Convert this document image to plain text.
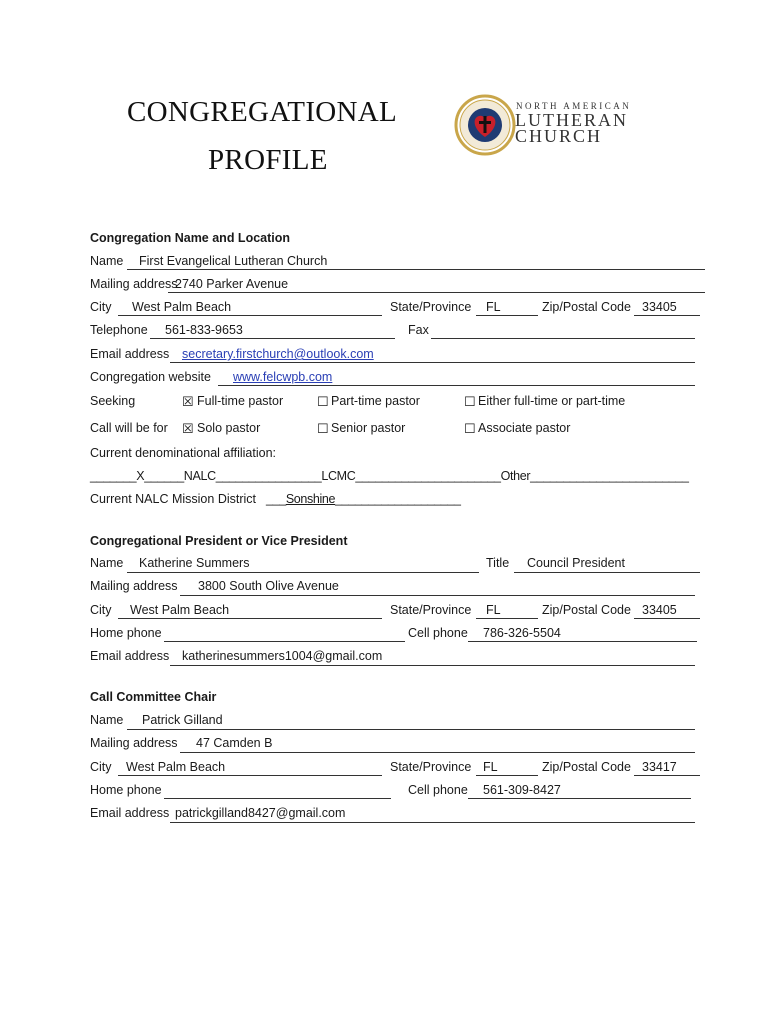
CONGREGATIONAL
PROFILE
NORTH AMERICAN
LUTHERAN
CHURCH
Congregation Name and Location
Name First Evangelical Lutheran Church
Mailing address
2740 Parker Avenue
City West Palm Beach	State/Province FL	Zip/Postal Code 33405
Telephone 561-833-9653	Fax
Email address secretary.firstchurch@outlook.com
Congregation website www.felcwpb.com
Seeking	☒ Full-time pastor	☐ Part-time pastor	☐ Either full-time or part-time
Call will be for ☒ Solo pastor	☐ Senior pastor	☐ Associate pastor
Current denominational affiliation:
_______X______NALC________________LCMC______________________Other________________________
Current NALC Mission District ___Sonshine___________________
Congregational President or Vice President
Name Katherine Summers	Title Council President
Mailing address 3800 South Olive Avenue
City West Palm Beach	State/Province FL	Zip/Postal Code 33405
Home phone	Cell phone 786-326-5504
Email address katherinesummers1004@gmail.com
Call Committee Chair
Name Patrick Gilland
Mailing address 47 Camden B
City West Palm Beach	State/Province FL	Zip/Postal Code 33417
Home phone	Cell phone 561-309-8427
Email address patrickgilland8427@gmail.com
